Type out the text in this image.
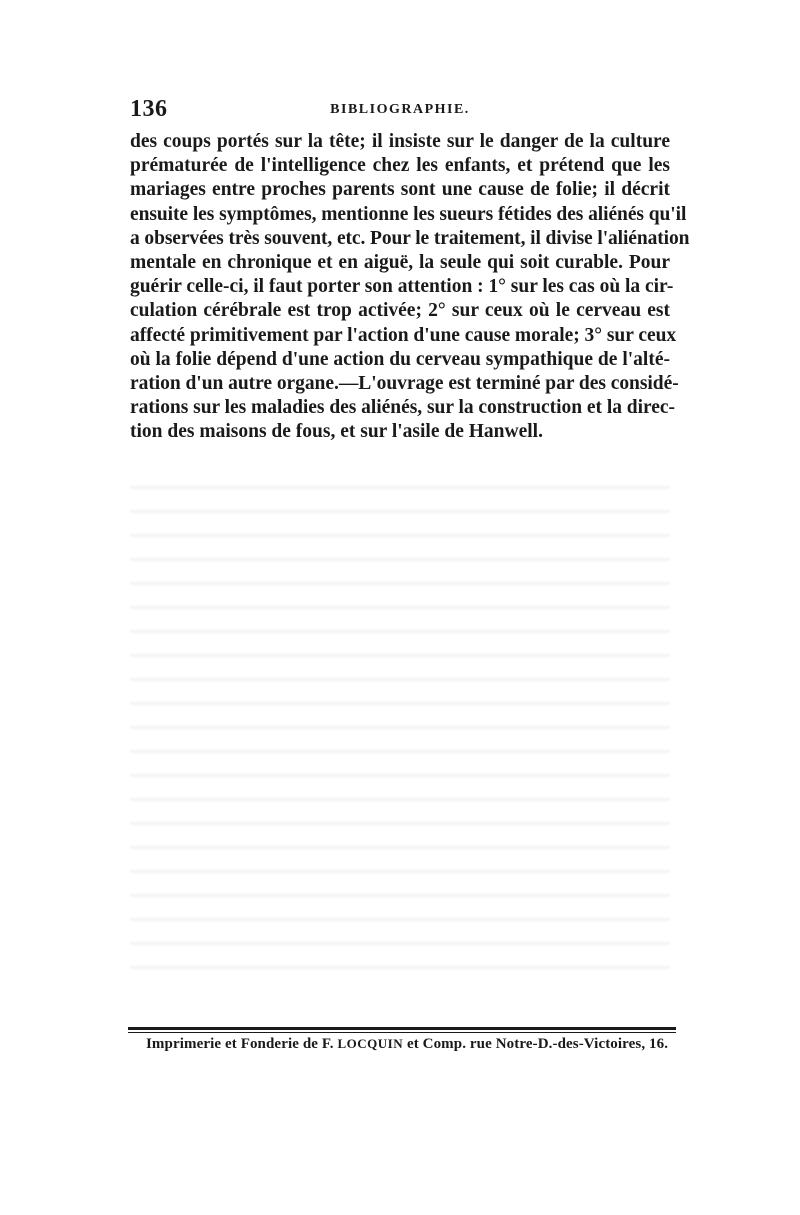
136	BIBLIOGRAPHIE.
des coups portés sur la tête; il insiste sur le danger de la culture
prématurée de l'intelligence chez les enfants, et prétend que les
mariages entre proches parents sont une cause de folie; il décrit
ensuite les symptômes, mentionne les sueurs fétides des aliénés qu'il
a observées très souvent, etc. Pour le traitement, il divise l'aliénation
mentale en chronique et en aiguë, la seule qui soit curable. Pour
guérir celle-ci, il faut porter son attention : 1° sur les cas où la cir-
culation cérébrale est trop activée; 2° sur ceux où le cerveau est
affecté primitivement par l'action d'une cause morale; 3° sur ceux
où la folie dépend d'une action du cerveau sympathique de l'alté-
ration d'un autre organe.—L'ouvrage est terminé par des considé-
rations sur les maladies des aliénés, sur la construction et la direc-
tion des maisons de fous, et sur l'asile de Hanwell.
Imprimerie et Fonderie de F. LOCQUIN et Comp. rue Notre-D.-des-Victoires, 16.
